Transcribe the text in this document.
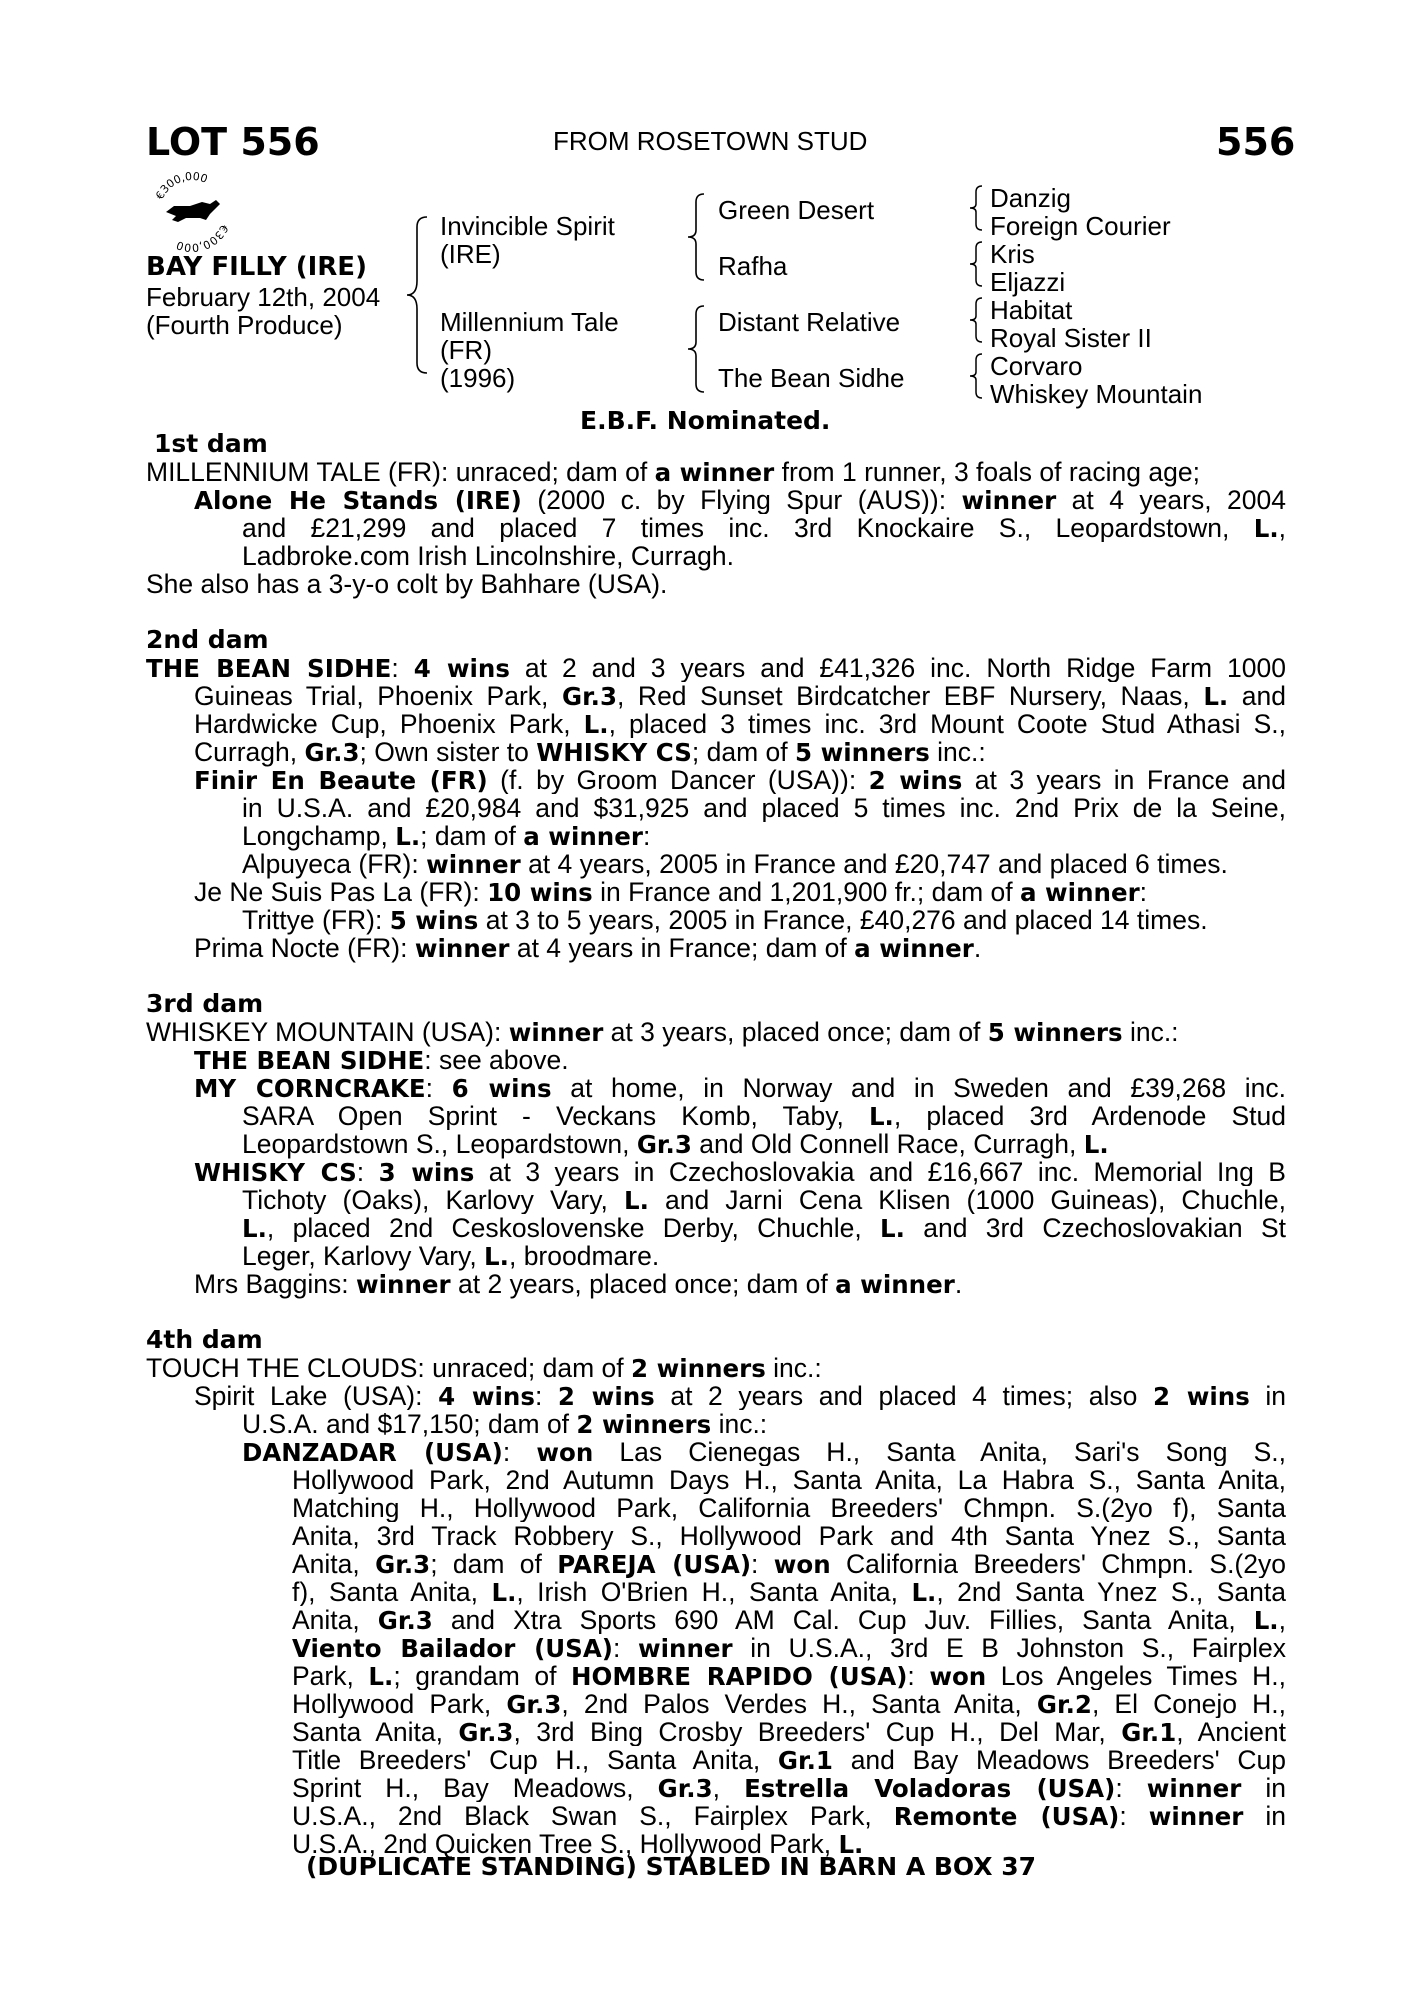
LOT 556	FROM ROSETOWN STUD	556
€300,000
€300,000
BAY FILLY (IRE)
February 12th, 2004
(Fourth Produce)
Invincible Spirit
(IRE)
Millennium Tale
(FR)
(1996)
Green Desert
Rafha
Distant Relative
The Bean Sidhe
Danzig
Foreign Courier
Kris
Eljazzi
Habitat
Royal Sister II
Corvaro
Whiskey Mountain
E.B.F. Nominated.
1st dam
MILLENNIUM TALE (FR): unraced; dam of a winner from 1 runner, 3 foals of racing age;
Alone He Stands (IRE) (2000 c. by Flying Spur (AUS)): winner at 4 years, 2004
and £21,299 and placed 7 times inc. 3rd Knockaire S., Leopardstown, L.,
Ladbroke.com Irish Lincolnshire, Curragh.
She also has a 3-y-o colt by Bahhare (USA).
2nd dam
THE BEAN SIDHE: 4 wins at 2 and 3 years and £41,326 inc. North Ridge Farm 1000
Guineas Trial, Phoenix Park, Gr.3, Red Sunset Birdcatcher EBF Nursery, Naas, L. and
Hardwicke Cup, Phoenix Park, L., placed 3 times inc. 3rd Mount Coote Stud Athasi S.,
Curragh, Gr.3; Own sister to WHISKY CS; dam of 5 winners inc.:
Finir En Beaute (FR) (f. by Groom Dancer (USA)): 2 wins at 3 years in France and
in U.S.A. and £20,984 and $31,925 and placed 5 times inc. 2nd Prix de la Seine,
Longchamp, L.; dam of a winner:
Alpuyeca (FR): winner at 4 years, 2005 in France and £20,747 and placed 6 times.
Je Ne Suis Pas La (FR): 10 wins in France and 1,201,900 fr.; dam of a winner:
Trittye (FR): 5 wins at 3 to 5 years, 2005 in France, £40,276 and placed 14 times.
Prima Nocte (FR): winner at 4 years in France; dam of a winner.
3rd dam
WHISKEY MOUNTAIN (USA): winner at 3 years, placed once; dam of 5 winners inc.:
THE BEAN SIDHE: see above.
MY CORNCRAKE: 6 wins at home, in Norway and in Sweden and £39,268 inc.
SARA Open Sprint - Veckans Komb, Taby, L., placed 3rd Ardenode Stud
Leopardstown S., Leopardstown, Gr.3 and Old Connell Race, Curragh, L.
WHISKY CS: 3 wins at 3 years in Czechoslovakia and £16,667 inc. Memorial Ing B
Tichoty (Oaks), Karlovy Vary, L. and Jarni Cena Klisen (1000 Guineas), Chuchle,
L., placed 2nd Ceskoslovenske Derby, Chuchle, L. and 3rd Czechoslovakian St
Leger, Karlovy Vary, L., broodmare.
Mrs Baggins: winner at 2 years, placed once; dam of a winner.
4th dam
TOUCH THE CLOUDS: unraced; dam of 2 winners inc.:
Spirit Lake (USA): 4 wins: 2 wins at 2 years and placed 4 times; also 2 wins in
U.S.A. and $17,150; dam of 2 winners inc.:
DANZADAR (USA): won Las Cienegas H., Santa Anita, Sari's Song S.,
Hollywood Park, 2nd Autumn Days H., Santa Anita, La Habra S., Santa Anita,
Matching H., Hollywood Park, California Breeders' Chmpn. S.(2yo f), Santa
Anita, 3rd Track Robbery S., Hollywood Park and 4th Santa Ynez S., Santa
Anita, Gr.3; dam of PAREJA (USA): won California Breeders' Chmpn. S.(2yo
f), Santa Anita, L., Irish O'Brien H., Santa Anita, L., 2nd Santa Ynez S., Santa
Anita, Gr.3 and Xtra Sports 690 AM Cal. Cup Juv. Fillies, Santa Anita, L.,
Viento Bailador (USA): winner in U.S.A., 3rd E B Johnston S., Fairplex
Park, L.; grandam of HOMBRE RAPIDO (USA): won Los Angeles Times H.,
Hollywood Park, Gr.3, 2nd Palos Verdes H., Santa Anita, Gr.2, El Conejo H.,
Santa Anita, Gr.3, 3rd Bing Crosby Breeders' Cup H., Del Mar, Gr.1, Ancient
Title Breeders' Cup H., Santa Anita, Gr.1 and Bay Meadows Breeders' Cup
Sprint H., Bay Meadows, Gr.3, Estrella Voladoras (USA): winner in
U.S.A., 2nd Black Swan S., Fairplex Park, Remonte (USA): winner in
U.S.A., 2nd Quicken Tree S., Hollywood Park, L.
(DUPLICATE STANDING) STABLED IN BARN A BOX 37
